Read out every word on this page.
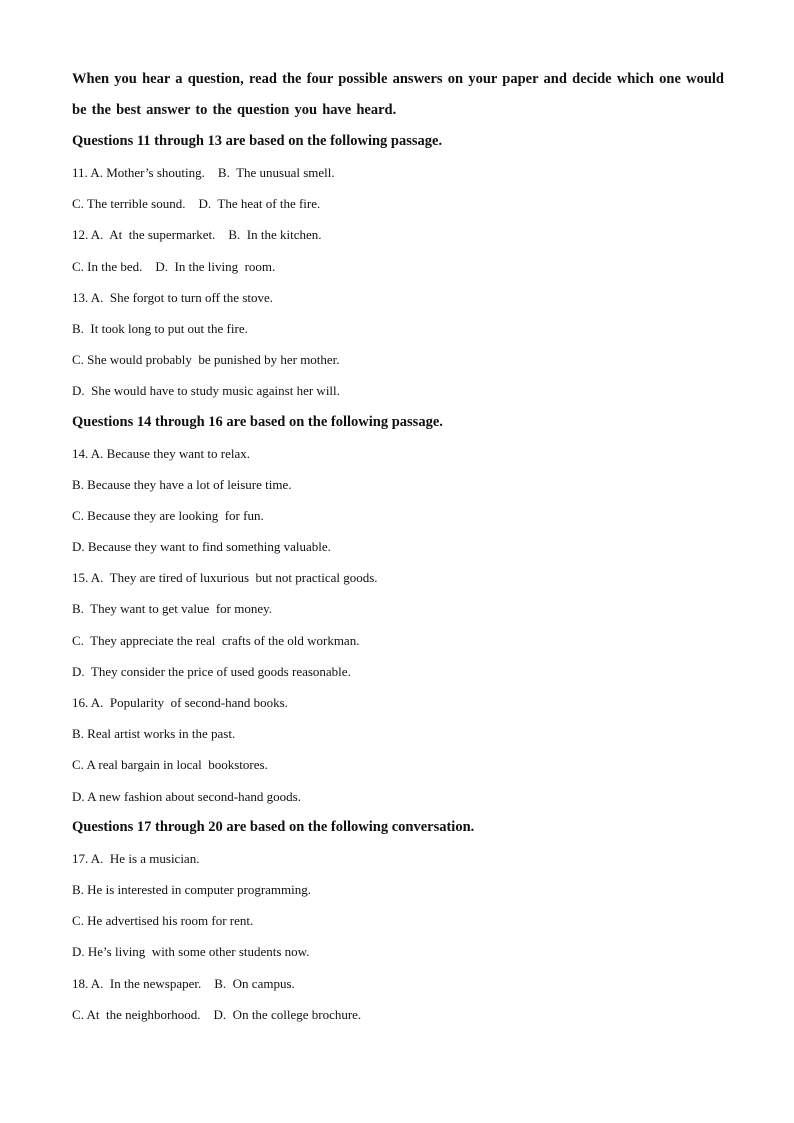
When you hear a question, read the four possible answers on your paper and decide which one would be the best answer to the question you have heard.
Questions 11 through 13 are based on the following passage.
11. A. Mother’s shouting.    B.  The unusual smell.
C. The terrible sound.    D.  The heat of the fire.
12. A.  At  the supermarket.    B.  In the kitchen.
C. In the bed.    D.  In the living  room.
13. A.  She forgot to turn off the stove.
B.  It took long to put out the fire.
C. She would probably  be punished by her mother.
D.  She would have to study music against her will.
Questions 14 through 16 are based on the following passage.
14. A. Because they want to relax.
B. Because they have a lot of leisure time.
C. Because they are looking  for fun.
D. Because they want to find something valuable.
15. A.  They are tired of luxurious  but not practical goods.
B.  They want to get value  for money.
C.  They appreciate the real  crafts of the old workman.
D.  They consider the price of used goods reasonable.
16. A.  Popularity  of second-hand books.
B. Real artist works in the past.
C. A real bargain in local  bookstores.
D. A new fashion about second-hand goods.
Questions 17 through 20 are based on the following conversation.
17. A.  He is a musician.
B. He is interested in computer programming.
C. He advertised his room for rent.
D. He’s living  with some other students now.
18. A.  In the newspaper.    B.  On campus.
C. At  the neighborhood.    D.  On the college brochure.
